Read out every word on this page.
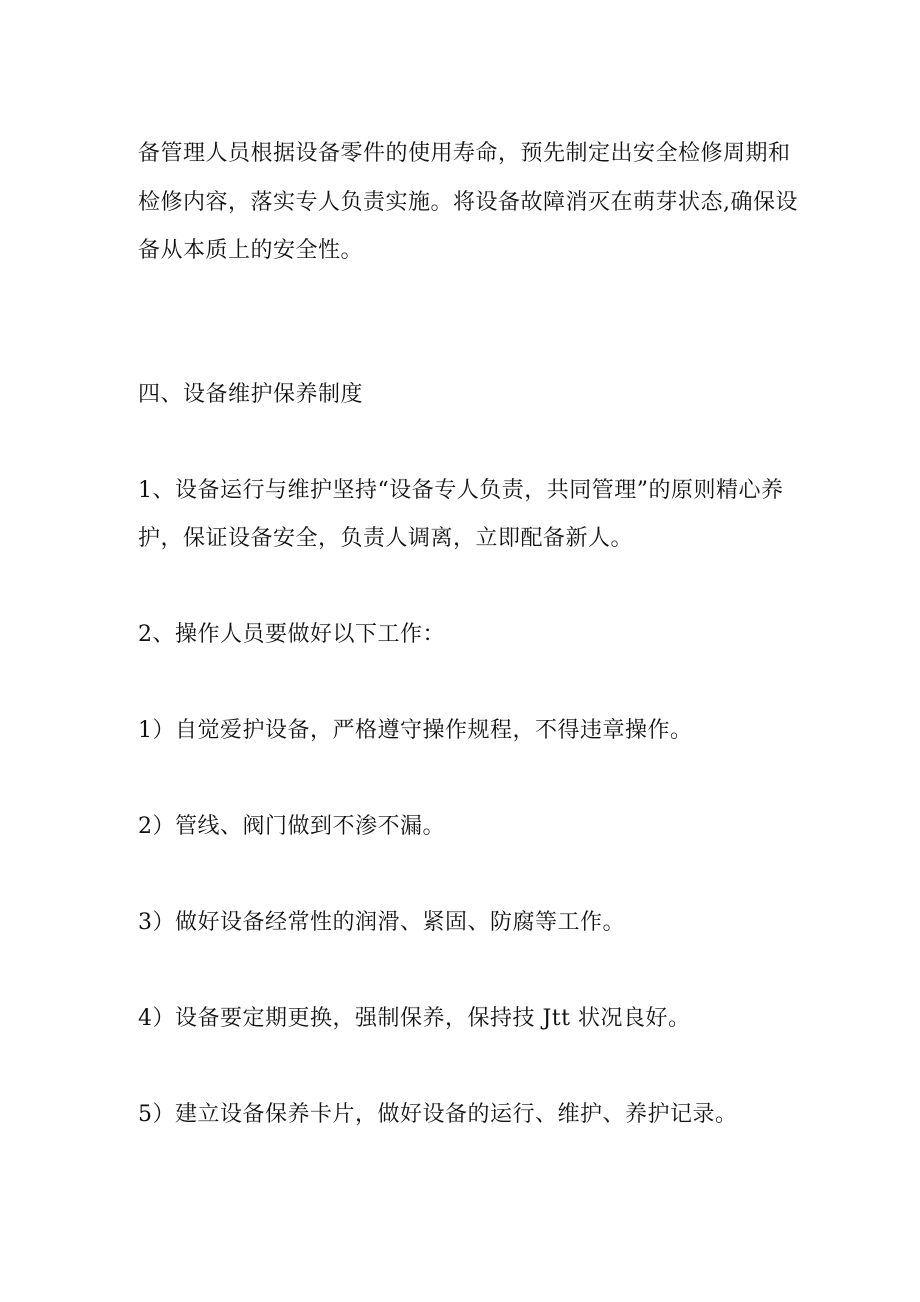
备管理人员根据设备零件的使用寿命，预先制定出安全检修周期和
检修内容，落实专人负责实施。将设备故障消灭在萌芽状态,确保设
备从本质上的安全性。
四、设备维护保养制度
1、设备运行与维护坚持“设备专人负责，共同管理”的原则精心养
护，保证设备安全，负责人调离，立即配备新人。
2、操作人员要做好以下工作：
1）自觉爱护设备，严格遵守操作规程，不得违章操作。
2）管线、阀门做到不渗不漏。
3）做好设备经常性的润滑、紧固、防腐等工作。
4）设备要定期更换，强制保养，保持技 Jtt 状况良好。
5）建立设备保养卡片，做好设备的运行、维护、养护记录。
